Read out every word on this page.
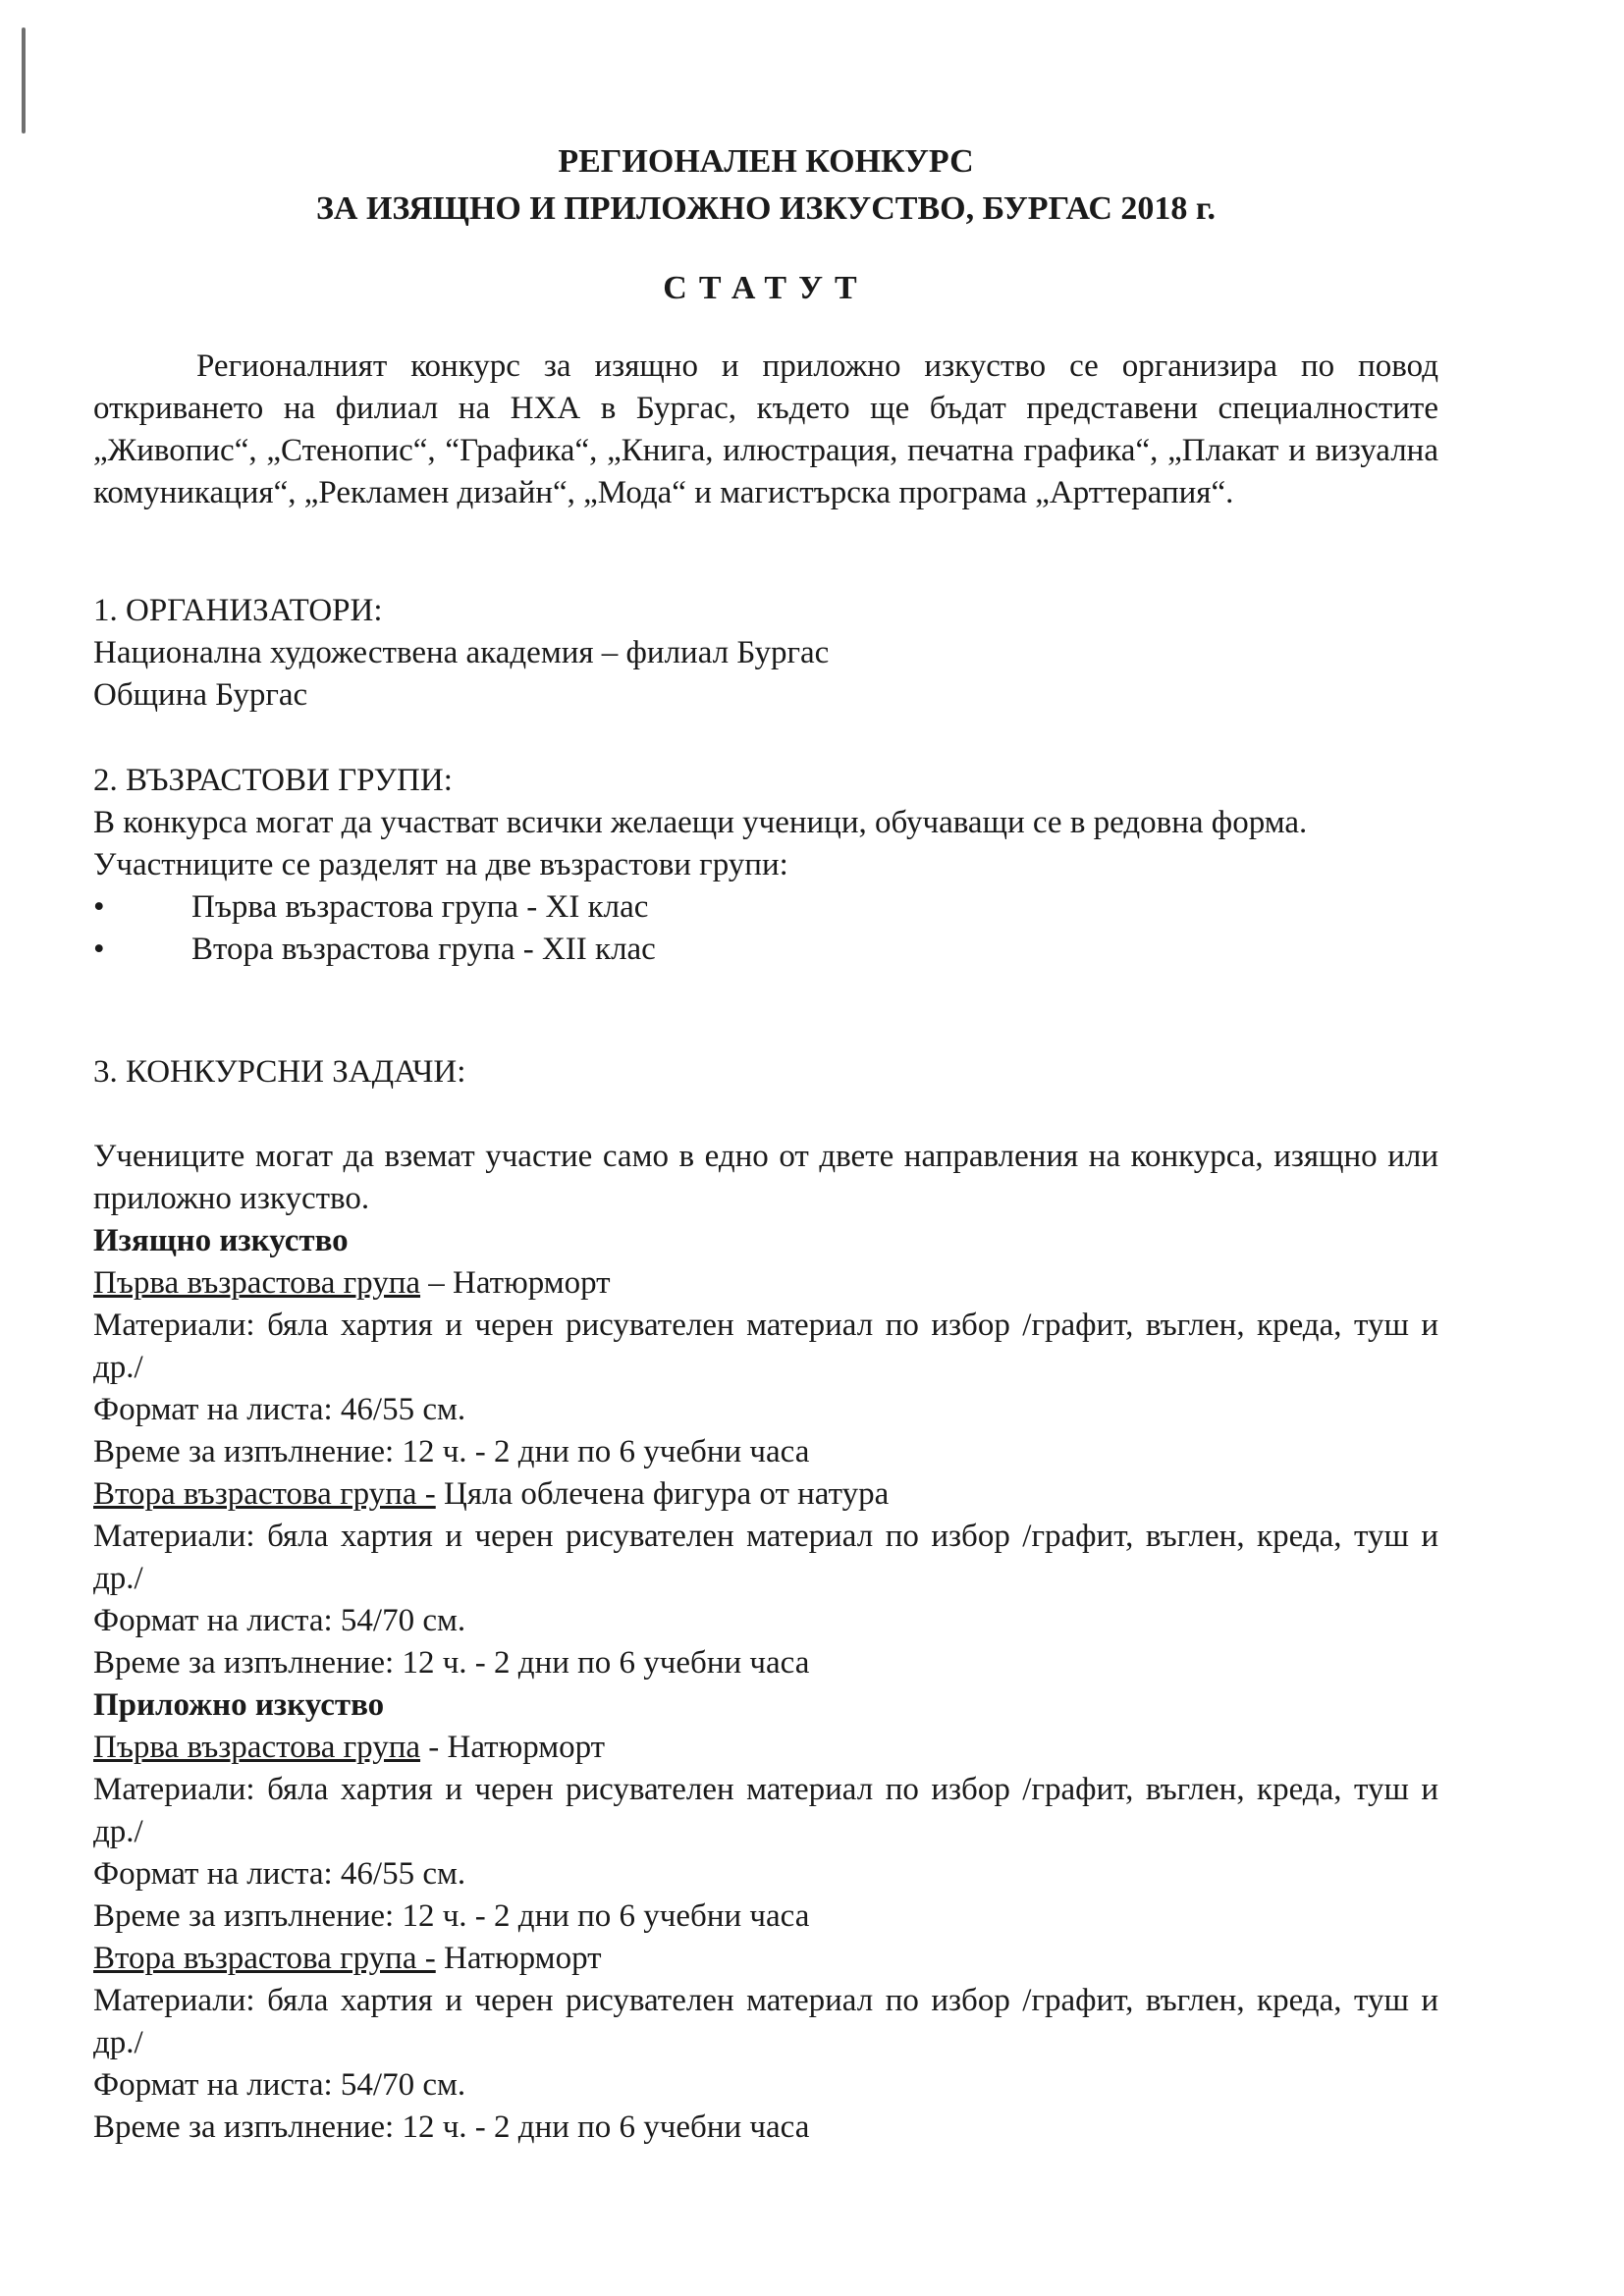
РЕГИОНАЛЕН КОНКУРС
ЗА ИЗЯЩНО И ПРИЛОЖНО ИЗКУСТВО, БУРГАС 2018 г.
СТАТУТ
Регионалният конкурс за изящно и приложно изкуство се организира по повод откриването на филиал на НХА в Бургас, където ще бъдат представени специалностите „Живопис“, „Стенопис“, “Графика“, „Книга, илюстрация, печатна графика“, „Плакат и визуална комуникация“, „Рекламен дизайн“, „Мода“ и магистърска програма „Арттерапия“.
1. ОРГАНИЗАТОРИ:
Национална художествена академия – филиал Бургас
Община Бургас
2. ВЪЗРАСТОВИ ГРУПИ:
В конкурса могат да участват всички желаещи ученици, обучаващи се в редовна форма.
Участниците се разделят на две възрастови групи:
•	Първа възрастова група - XI клас
•	Втора възрастова група - XII клас
3. КОНКУРСНИ ЗАДАЧИ:
Учениците могат да вземат участие само в едно от двете направления на конкурса, изящно или приложно изкуство.
Изящно изкуство
Първа възрастова група – Натюрморт
Материали: бяла хартия и черен рисувателен материал по избор /графит, въглен, креда, туш и др./
Формат на листа: 46/55 см.
Време за изпълнение: 12 ч. - 2 дни по 6 учебни часа
Втора възрастова група - Цяла облечена фигура от натура
Материали: бяла хартия и черен рисувателен материал по избор /графит, въглен, креда, туш и др./
Формат на листа: 54/70 см.
Време за изпълнение: 12 ч. - 2 дни по 6 учебни часа
Приложно изкуство
Първа възрастова група - Натюрморт
Материали: бяла хартия и черен рисувателен материал по избор /графит, въглен, креда, туш и др./
Формат на листа: 46/55 см.
Време за изпълнение: 12 ч. - 2 дни по 6 учебни часа
Втора възрастова група - Натюрморт
Материали: бяла хартия и черен рисувателен материал по избор /графит, въглен, креда, туш и др./
Формат на листа: 54/70 см.
Време за изпълнение: 12 ч. - 2 дни по 6 учебни часа
